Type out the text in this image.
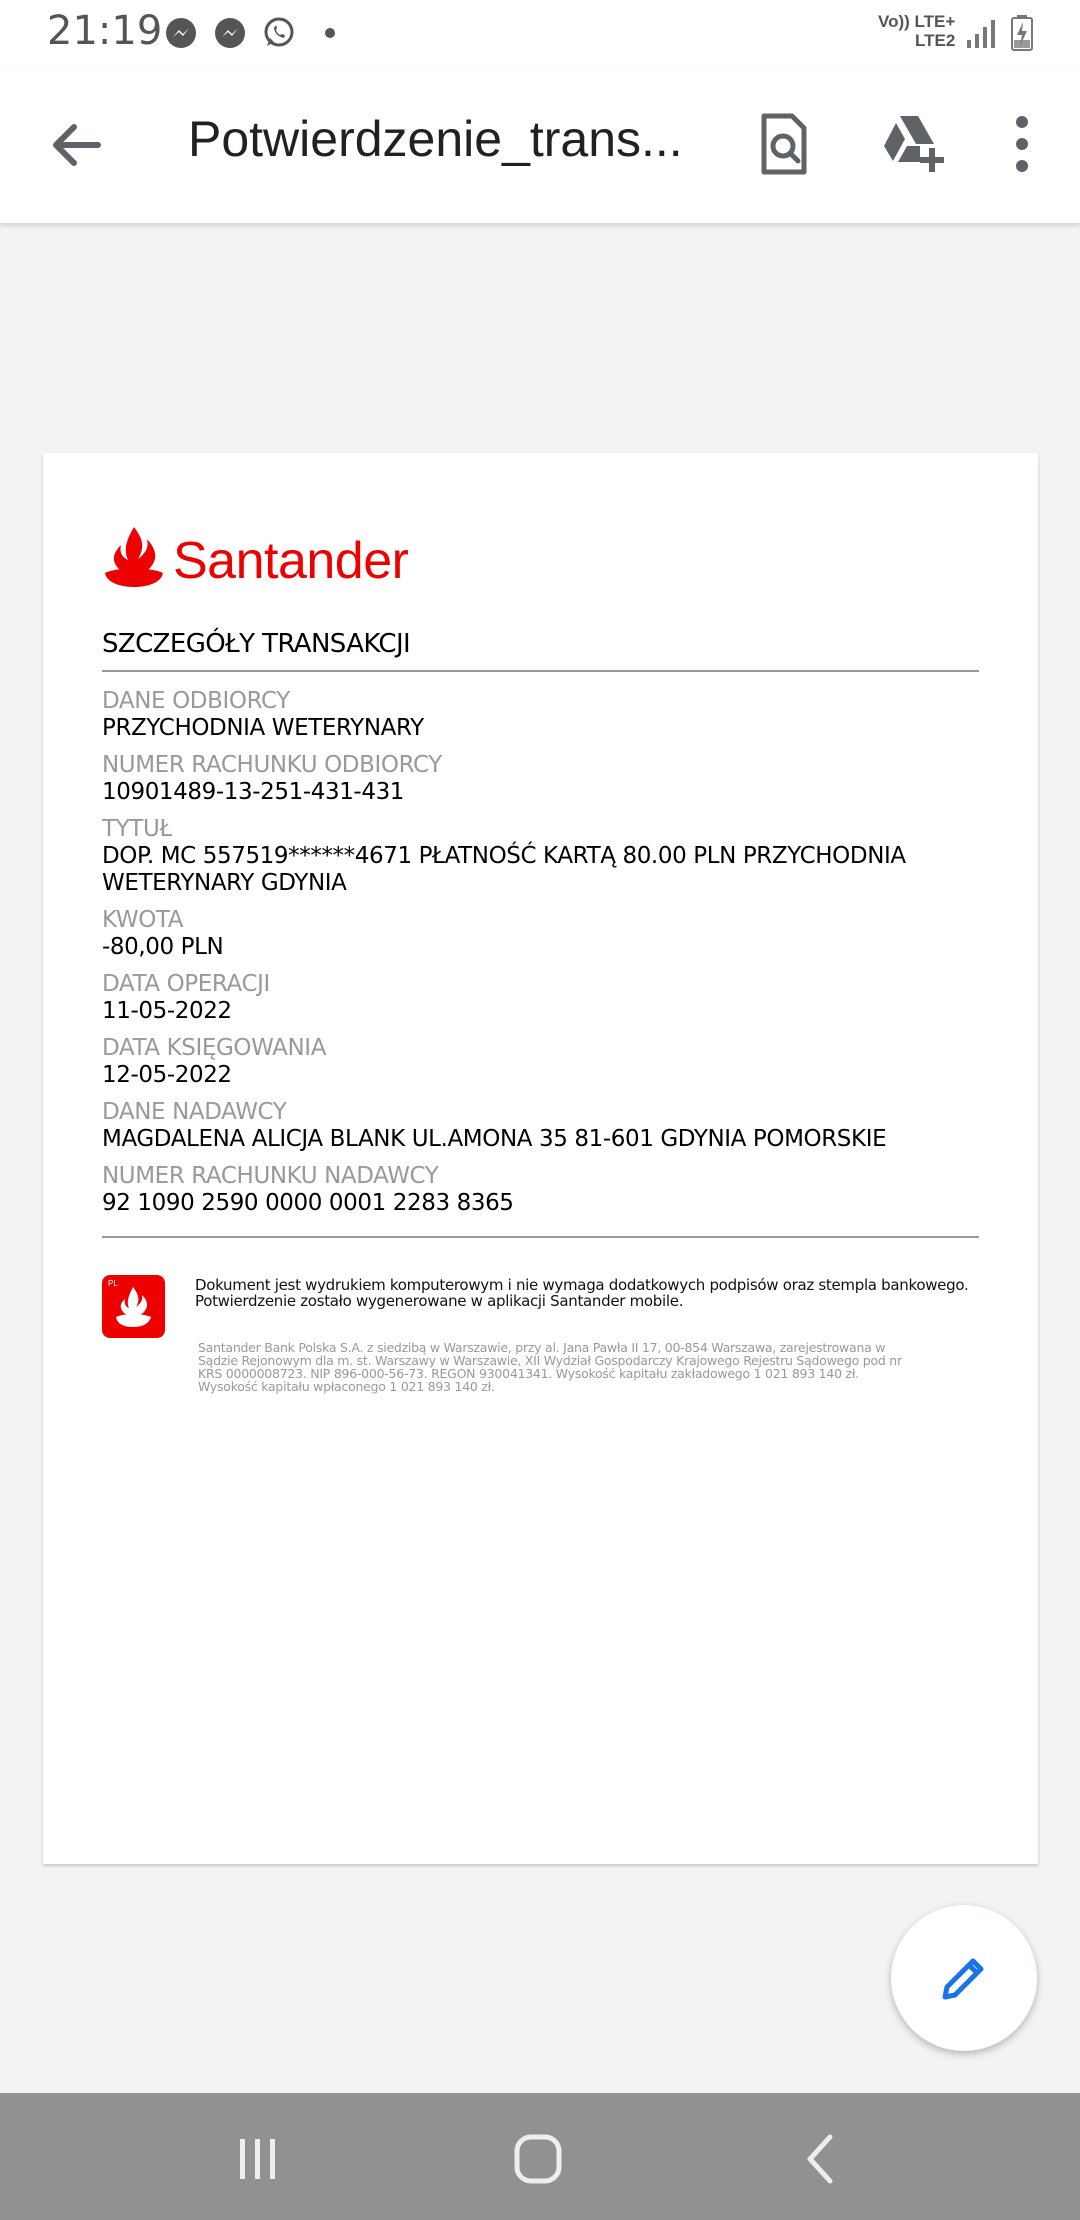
21:19	Vo)) LTE+
LTE2
Potwierdzenie_trans...
Santander
SZCZEGÓŁY TRANSAKCJI
DANE ODBIORCY
PRZYCHODNIA WETERYNARY
NUMER RACHUNKU ODBIORCY
10901489-13-251-431-431
TYTUŁ
DOP. MC 557519******4671 PŁATNOŚĆ KARTĄ 80.00 PLN PRZYCHODNIA WETERYNARY GDYNIA
KWOTA
-80,00 PLN
DATA OPERACJI
11-05-2022
DATA KSIĘGOWANIA
12-05-2022
DANE NADAWCY
MAGDALENA ALICJA BLANK UL.AMONA 35 81-601 GDYNIA POMORSKIE
NUMER RACHUNKU NADAWCY
92 1090 2590 0000 0001 2283 8365
PL	Dokument jest wydrukiem komputerowym i nie wymaga dodatkowych podpisów oraz stempla bankowego. Potwierdzenie zostało wygenerowane w aplikacji Santander mobile.
Santander Bank Polska S.A. z siedzibą w Warszawie, przy al. Jana Pawła II 17, 00-854 Warszawa, zarejestrowana w Sądzie Rejonowym dla m. st. Warszawy w Warszawie, XII Wydział Gospodarczy Krajowego Rejestru Sądowego pod nr KRS 0000008723. NIP 896-000-56-73. REGON 930041341. Wysokość kapitału zakładowego 1 021 893 140 zł. Wysokość kapitału wpłaconego 1 021 893 140 zł.
